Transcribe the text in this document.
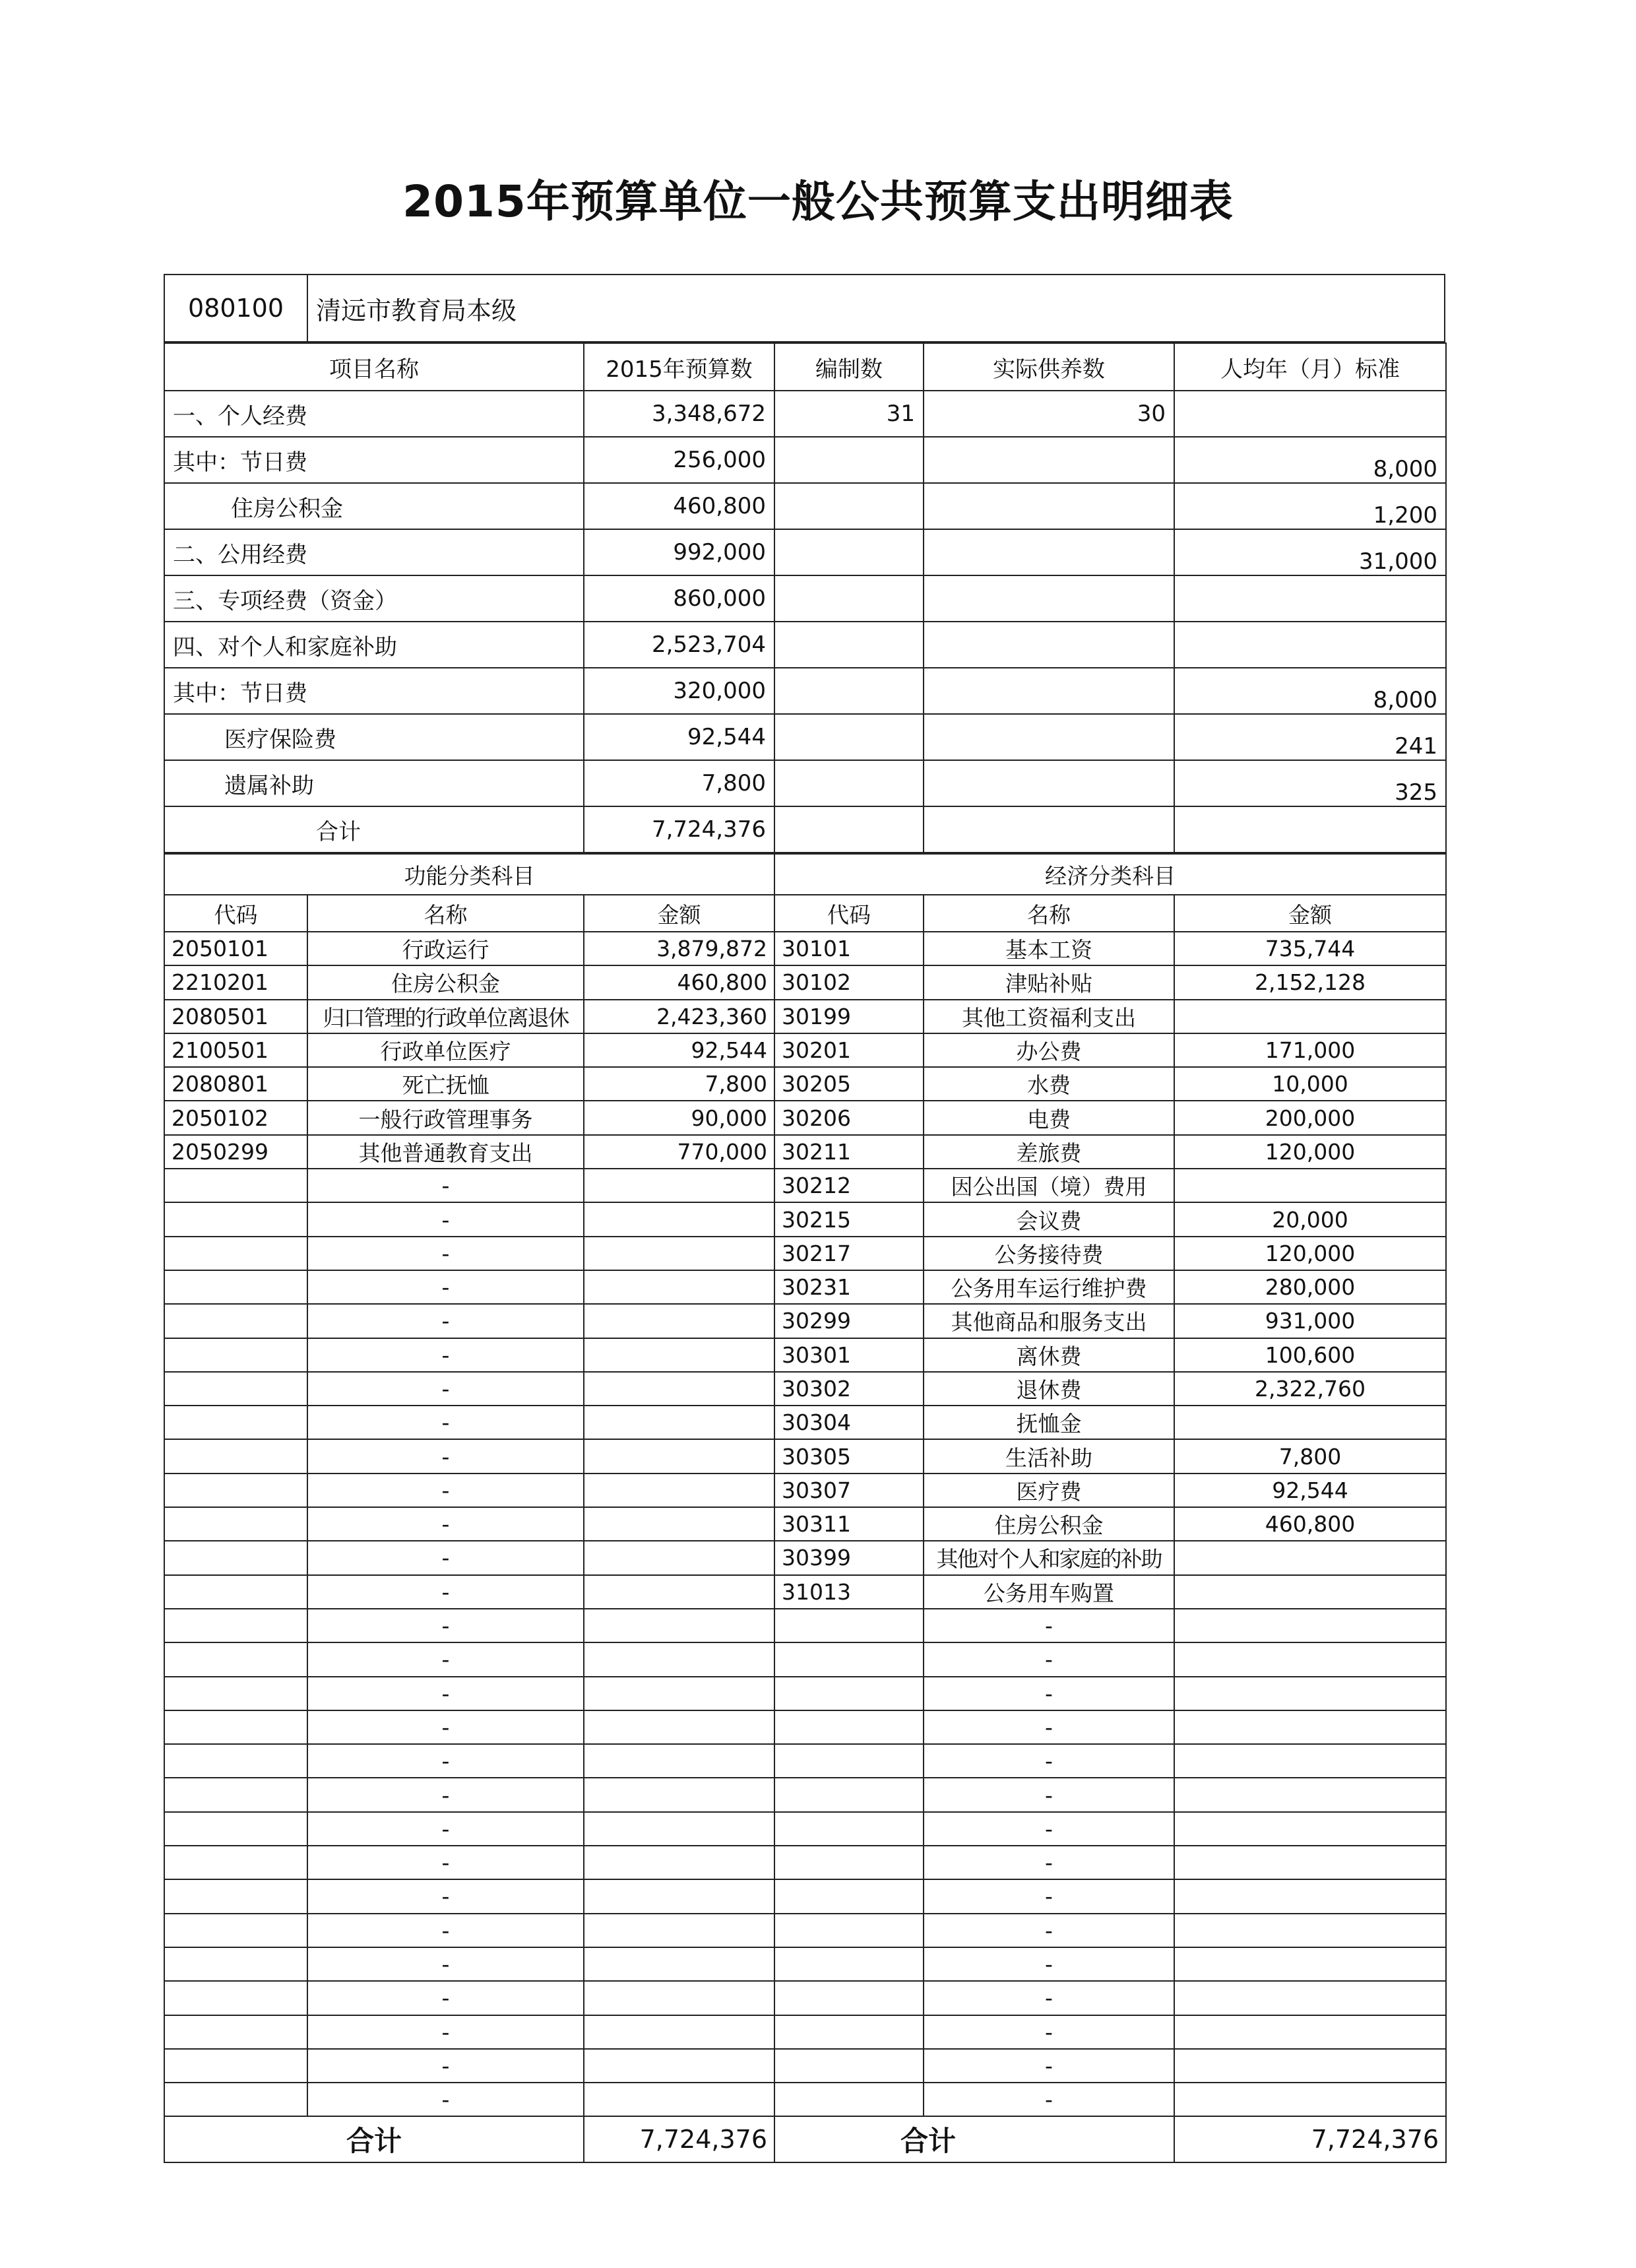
2015年预算单位一般公共预算支出明细表
080100	清远市教育局本级
项目名称	2015年预算数	编制数	实际供养数	人均年（月）标准
一、个人经费	3,348,672	31	30	
其中：节日费	256,000			8,000
住房公积金	460,800			1,200
二、公用经费	992,000			31,000
三、专项经费（资金）	860,000			
四、对个人和家庭补助	2,523,704			
其中：节日费	320,000			8,000
医疗保险费	92,544			241
遗属补助	7,800			325
合计	7,724,376			
功能分类科目			经济分类科目		
代码	名称	金额	代码	名称	金额
2050101	行政运行	3,879,872	30101	基本工资	735,744
2210201	住房公积金	460,800	30102	津贴补贴	2,152,128
2080501	归口管理的行政单位离退休	2,423,360	30199	其他工资福利支出	
2100501	行政单位医疗	92,544	30201	办公费	171,000
2080801	死亡抚恤	7,800	30205	水费	10,000
2050102	一般行政管理事务	90,000	30206	电费	200,000
2050299	其他普通教育支出	770,000	30211	差旅费	120,000
	-		30212	因公出国（境）费用	
	-		30215	会议费	20,000
	-		30217	公务接待费	120,000
	-		30231	公务用车运行维护费	280,000
	-		30299	其他商品和服务支出	931,000
	-		30301	离休费	100,600
	-		30302	退休费	2,322,760
	-		30304	抚恤金	
	-		30305	生活补助	7,800
	-		30307	医疗费	92,544
	-		30311	住房公积金	460,800
	-		30399	其他对个人和家庭的补助	
	-		31013	公务用车购置	
	-			-	
	-			-	
	-			-	
	-			-	
	-			-	
	-			-	
	-			-	
	-			-	
	-			-	
	-			-	
	-			-	
	-			-	
	-			-	
	-			-	
	-			-	
合计		7,724,376	合计		7,724,376
